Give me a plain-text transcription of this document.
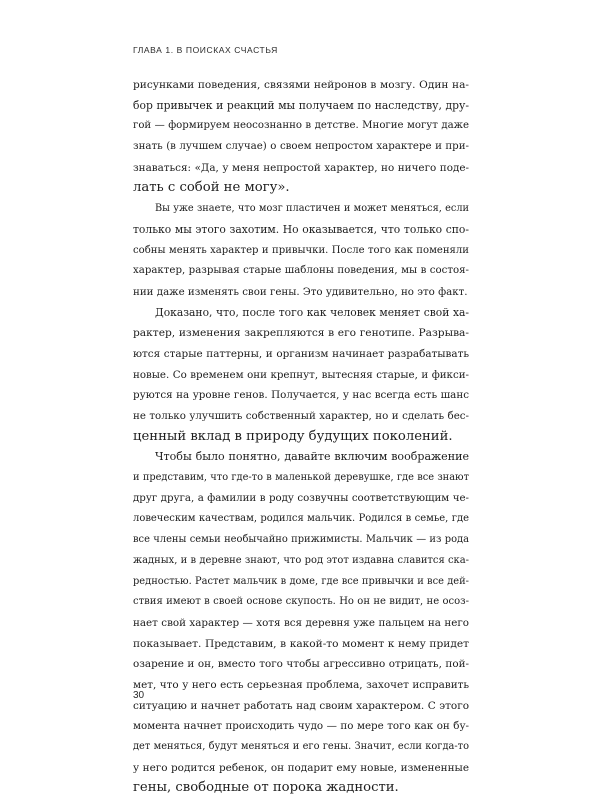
ГЛАВА 1. В ПОИСКАХ СЧАСТЬЯ
рисунками поведения, связями нейронов в мозгу. Один на-
бор привычек и реакций мы получаем по наследству, дру-
гой — формируем неосознанно в детстве. Многие могут даже
знать (в лучшем случае) о своем непростом характере и при-
знаваться: «Да, у меня непростой характер, но ничего поде-
лать с собой не могу».
Вы уже знаете, что мозг пластичен и может меняться, если
только мы этого захотим. Но оказывается, что только спо-
собны менять характер и привычки. После того как поменяли
характер, разрывая старые шаблоны поведения, мы в состоя-
нии даже изменять свои гены. Это удивительно, но это факт.
Доказано, что, после того как человек меняет свой ха-
рактер, изменения закрепляются в его генотипе. Разрыва-
ются старые паттерны, и организм начинает разрабатывать
новые. Со временем они крепнут, вытесняя старые, и фикси-
руются на уровне генов. Получается, у нас всегда есть шанс
не только улучшить собственный характер, но и сделать бес-
ценный вклад в природу будущих поколений.
Чтобы было понятно, давайте включим воображение
и представим, что где-то в маленькой деревушке, где все знают
друг друга, а фамилии в роду созвучны соответствующим че-
ловеческим качествам, родился мальчик. Родился в семье, где
все члены семьи необычайно прижимисты. Мальчик — из рода
жадных, и в деревне знают, что род этот издавна славится ска-
редностью. Растет мальчик в доме, где все привычки и все дей-
ствия имеют в своей основе скупость. Но он не видит, не осоз-
нает свой характер — хотя вся деревня уже пальцем на него
показывает. Представим, в какой-то момент к нему придет
озарение и он, вместо того чтобы агрессивно отрицать, пой-
мет, что у него есть серьезная проблема, захочет исправить
ситуацию и начнет работать над своим характером. С этого
момента начнет происходить чудо — по мере того как он бу-
дет меняться, будут меняться и его гены. Значит, если когда-то
у него родится ребенок, он подарит ему новые, измененные
гены, свободные от порока жадности.
30
